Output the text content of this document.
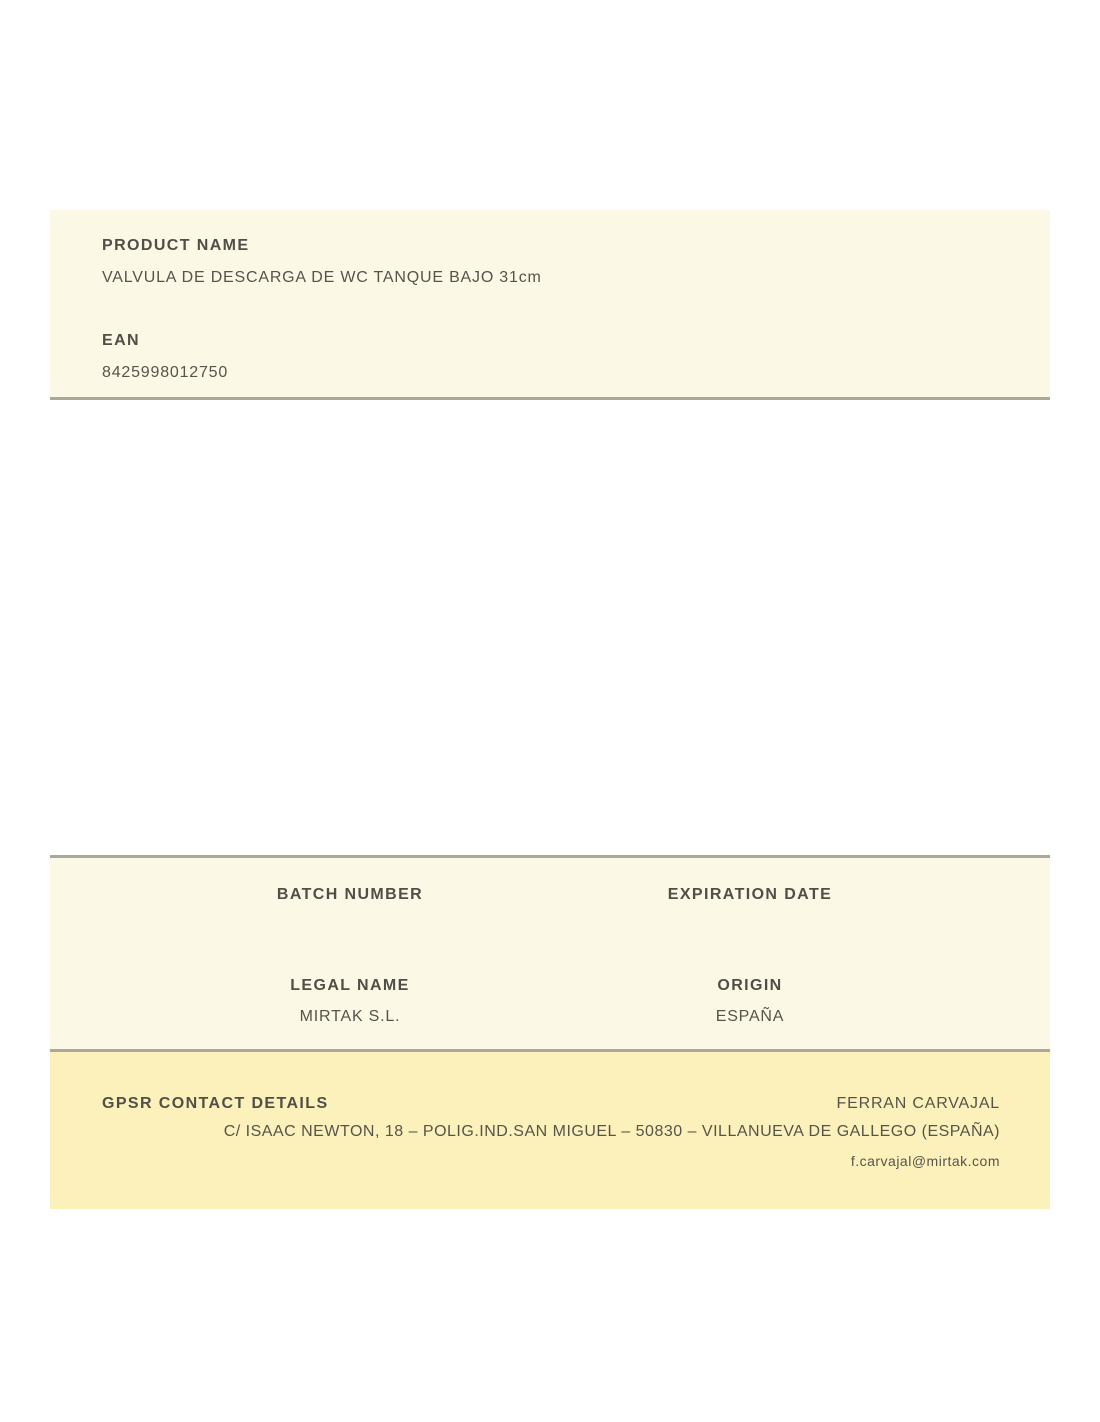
PRODUCT NAME
VALVULA DE DESCARGA DE WC TANQUE BAJO 31cm
EAN
8425998012750
BATCH NUMBER	EXPIRATION DATE
LEGAL NAME	ORIGIN
MIRTAK S.L.	ESPAÑA
GPSR CONTACT DETAILS	FERRAN CARVAJAL
C/ ISAAC NEWTON, 18 – POLIG.IND.SAN MIGUEL – 50830 – VILLANUEVA DE GALLEGO (ESPAÑA)
f.carvajal@mirtak.com
